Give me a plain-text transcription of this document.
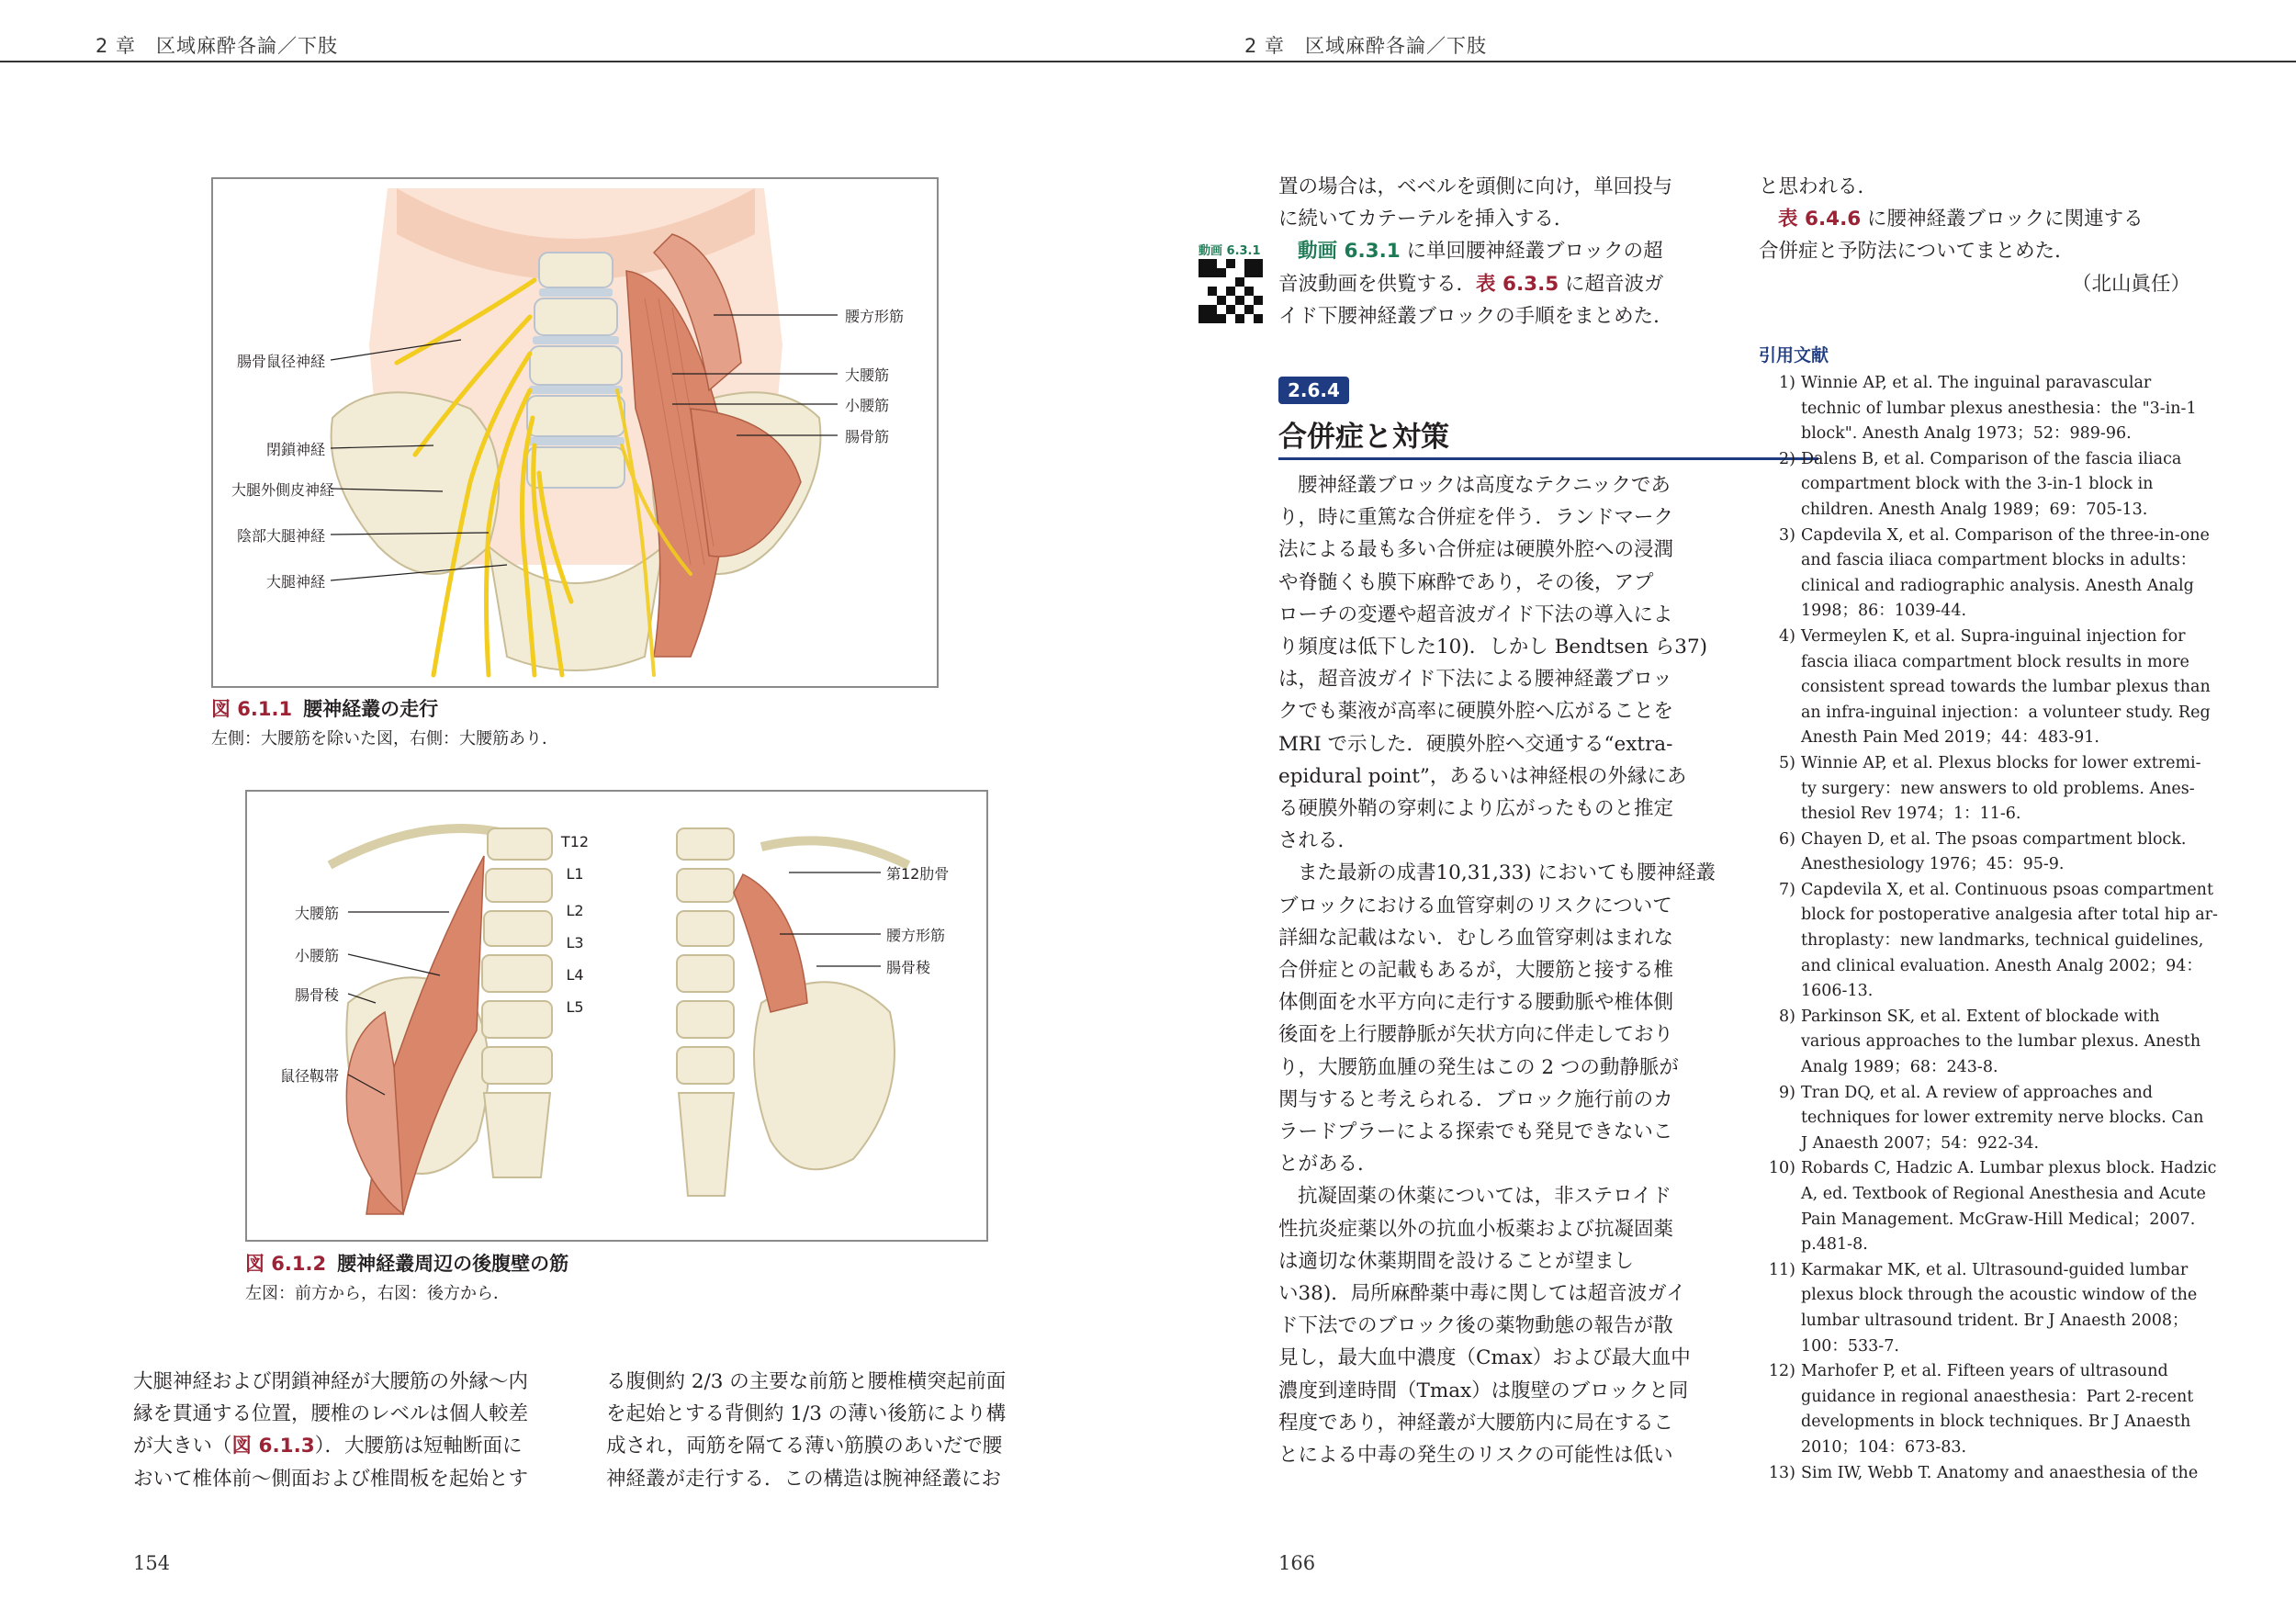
2 章　区域麻酔各論／下肢
腸骨鼠径神経
閉鎖神経
大腿外側皮神経
陰部大腿神経
大腿神経
腰方形筋
大腰筋
小腰筋
腸骨筋
図 6.1.1 腰神経叢の走行
左側：大腰筋を除いた図，右側：大腰筋あり．
T12
L1
L2
L3
L4
L5
大腰筋
小腰筋
腸骨稜
鼠径靱帯
第12肋骨
腰方形筋
腸骨稜
図 6.1.2 腰神経叢周辺の後腹壁の筋
左図：前方から，右図：後方から．

大腿神経および閉鎖神経が大腰筋の外縁～内

縁を貫通する位置，腰椎のレベルは個人較差

が大きい（図 6.1.3）．大腰筋は短軸断面に

おいて椎体前～側面および椎間板を起始とす

る腹側約 2/3 の主要な前筋と腰椎横突起前面

を起始とする背側約 1/3 の薄い後筋により構

成され，両筋を隔てる薄い筋膜のあいだで腰

神経叢が走行する．この構造は腕神経叢にお

154
2 章　区域麻酔各論／下肢
動画 6.3.1

置の場合は，ベベルを頭側に向け，単回投与

に続いてカテーテルを挿入する．

動画 6.3.1 に単回腰神経叢ブロックの超

音波動画を供覧する．表 6.3.5 に超音波ガ

イド下腰神経叢ブロックの手順をまとめた．

2.6.4
合併症と対策

腰神経叢ブロックは高度なテクニックであ

り，時に重篤な合併症を伴う．ランドマーク

法による最も多い合併症は硬膜外腔への浸潤

や脊髄くも膜下麻酔であり，その後，アプ

ローチの変遷や超音波ガイド下法の導入によ

り頻度は低下した10)．しかし Bendtsen ら37)

は，超音波ガイド下法による腰神経叢ブロッ

クでも薬液が高率に硬膜外腔へ広がることを

MRI で示した．硬膜外腔へ交通する“extra-

epidural point”，あるいは神経根の外縁にあ

る硬膜外鞘の穿刺により広がったものと推定

される．

また最新の成書10,31,33) においても腰神経叢

ブロックにおける血管穿刺のリスクについて

詳細な記載はない．むしろ血管穿刺はまれな

合併症との記載もあるが，大腰筋と接する椎

体側面を水平方向に走行する腰動脈や椎体側

後面を上行腰静脈が矢状方向に伴走しており

り，大腰筋血腫の発生はこの 2 つの動静脈が

関与すると考えられる．ブロック施行前のカ

ラードプラーによる探索でも発見できないこ

とがある．

抗凝固薬の休薬については，非ステロイド

性抗炎症薬以外の抗血小板薬および抗凝固薬

は適切な休薬期間を設けることが望まし

い38)．局所麻酔薬中毒に関しては超音波ガイ

ド下法でのブロック後の薬物動態の報告が散

見し，最大血中濃度（Cmax）および最大血中

濃度到達時間（Tmax）は腹壁のブロックと同

程度であり，神経叢が大腰筋内に局在するこ

とによる中毒の発生のリスクの可能性は低い

と思われる．

表 6.4.6 に腰神経叢ブロックに関連する

合併症と予防法についてまとめた．

（北山眞任）

引用文献
1) Winnie AP, et al. The inguinal paravascular
technic of lumbar plexus anesthesia：the "3-in-1
block". Anesth Analg 1973；52：989-96.
2) Dalens B, et al. Comparison of the fascia iliaca
compartment block with the 3-in-1 block in
children. Anesth Analg 1989；69：705-13.
3) Capdevila X, et al. Comparison of the three-in-one
and fascia iliaca compartment blocks in adults：
clinical and radiographic analysis. Anesth Analg
1998；86：1039-44.
4) Vermeylen K, et al. Supra-inguinal injection for
fascia iliaca compartment block results in more
consistent spread towards the lumbar plexus than
an infra-inguinal injection：a volunteer study. Reg
Anesth Pain Med 2019；44：483-91.
5) Winnie AP, et al. Plexus blocks for lower extremi-
ty surgery：new answers to old problems. Anes-
thesiol Rev 1974；1：11-6.
6) Chayen D, et al. The psoas compartment block.
Anesthesiology 1976；45：95-9.
7) Capdevila X, et al. Continuous psoas compartment
block for postoperative analgesia after total hip ar-
throplasty：new landmarks, technical guidelines,
and clinical evaluation. Anesth Analg 2002；94：
1606-13.
8) Parkinson SK, et al. Extent of blockade with
various approaches to the lumbar plexus. Anesth
Analg 1989；68：243-8.
9) Tran DQ, et al. A review of approaches and
techniques for lower extremity nerve blocks. Can
J Anaesth 2007；54：922-34.
10) Robards C, Hadzic A. Lumbar plexus block. Hadzic
A, ed. Textbook of Regional Anesthesia and Acute
Pain Management. McGraw-Hill Medical；2007.
p.481-8.
11) Karmakar MK, et al. Ultrasound-guided lumbar
plexus block through the acoustic window of the
lumbar ultrasound trident. Br J Anaesth 2008；
100：533-7.
12) Marhofer P, et al. Fifteen years of ultrasound
guidance in regional anaesthesia：Part 2-recent
developments in block techniques. Br J Anaesth
2010；104：673-83.
13) Sim IW, Webb T. Anatomy and anaesthesia of the
166
